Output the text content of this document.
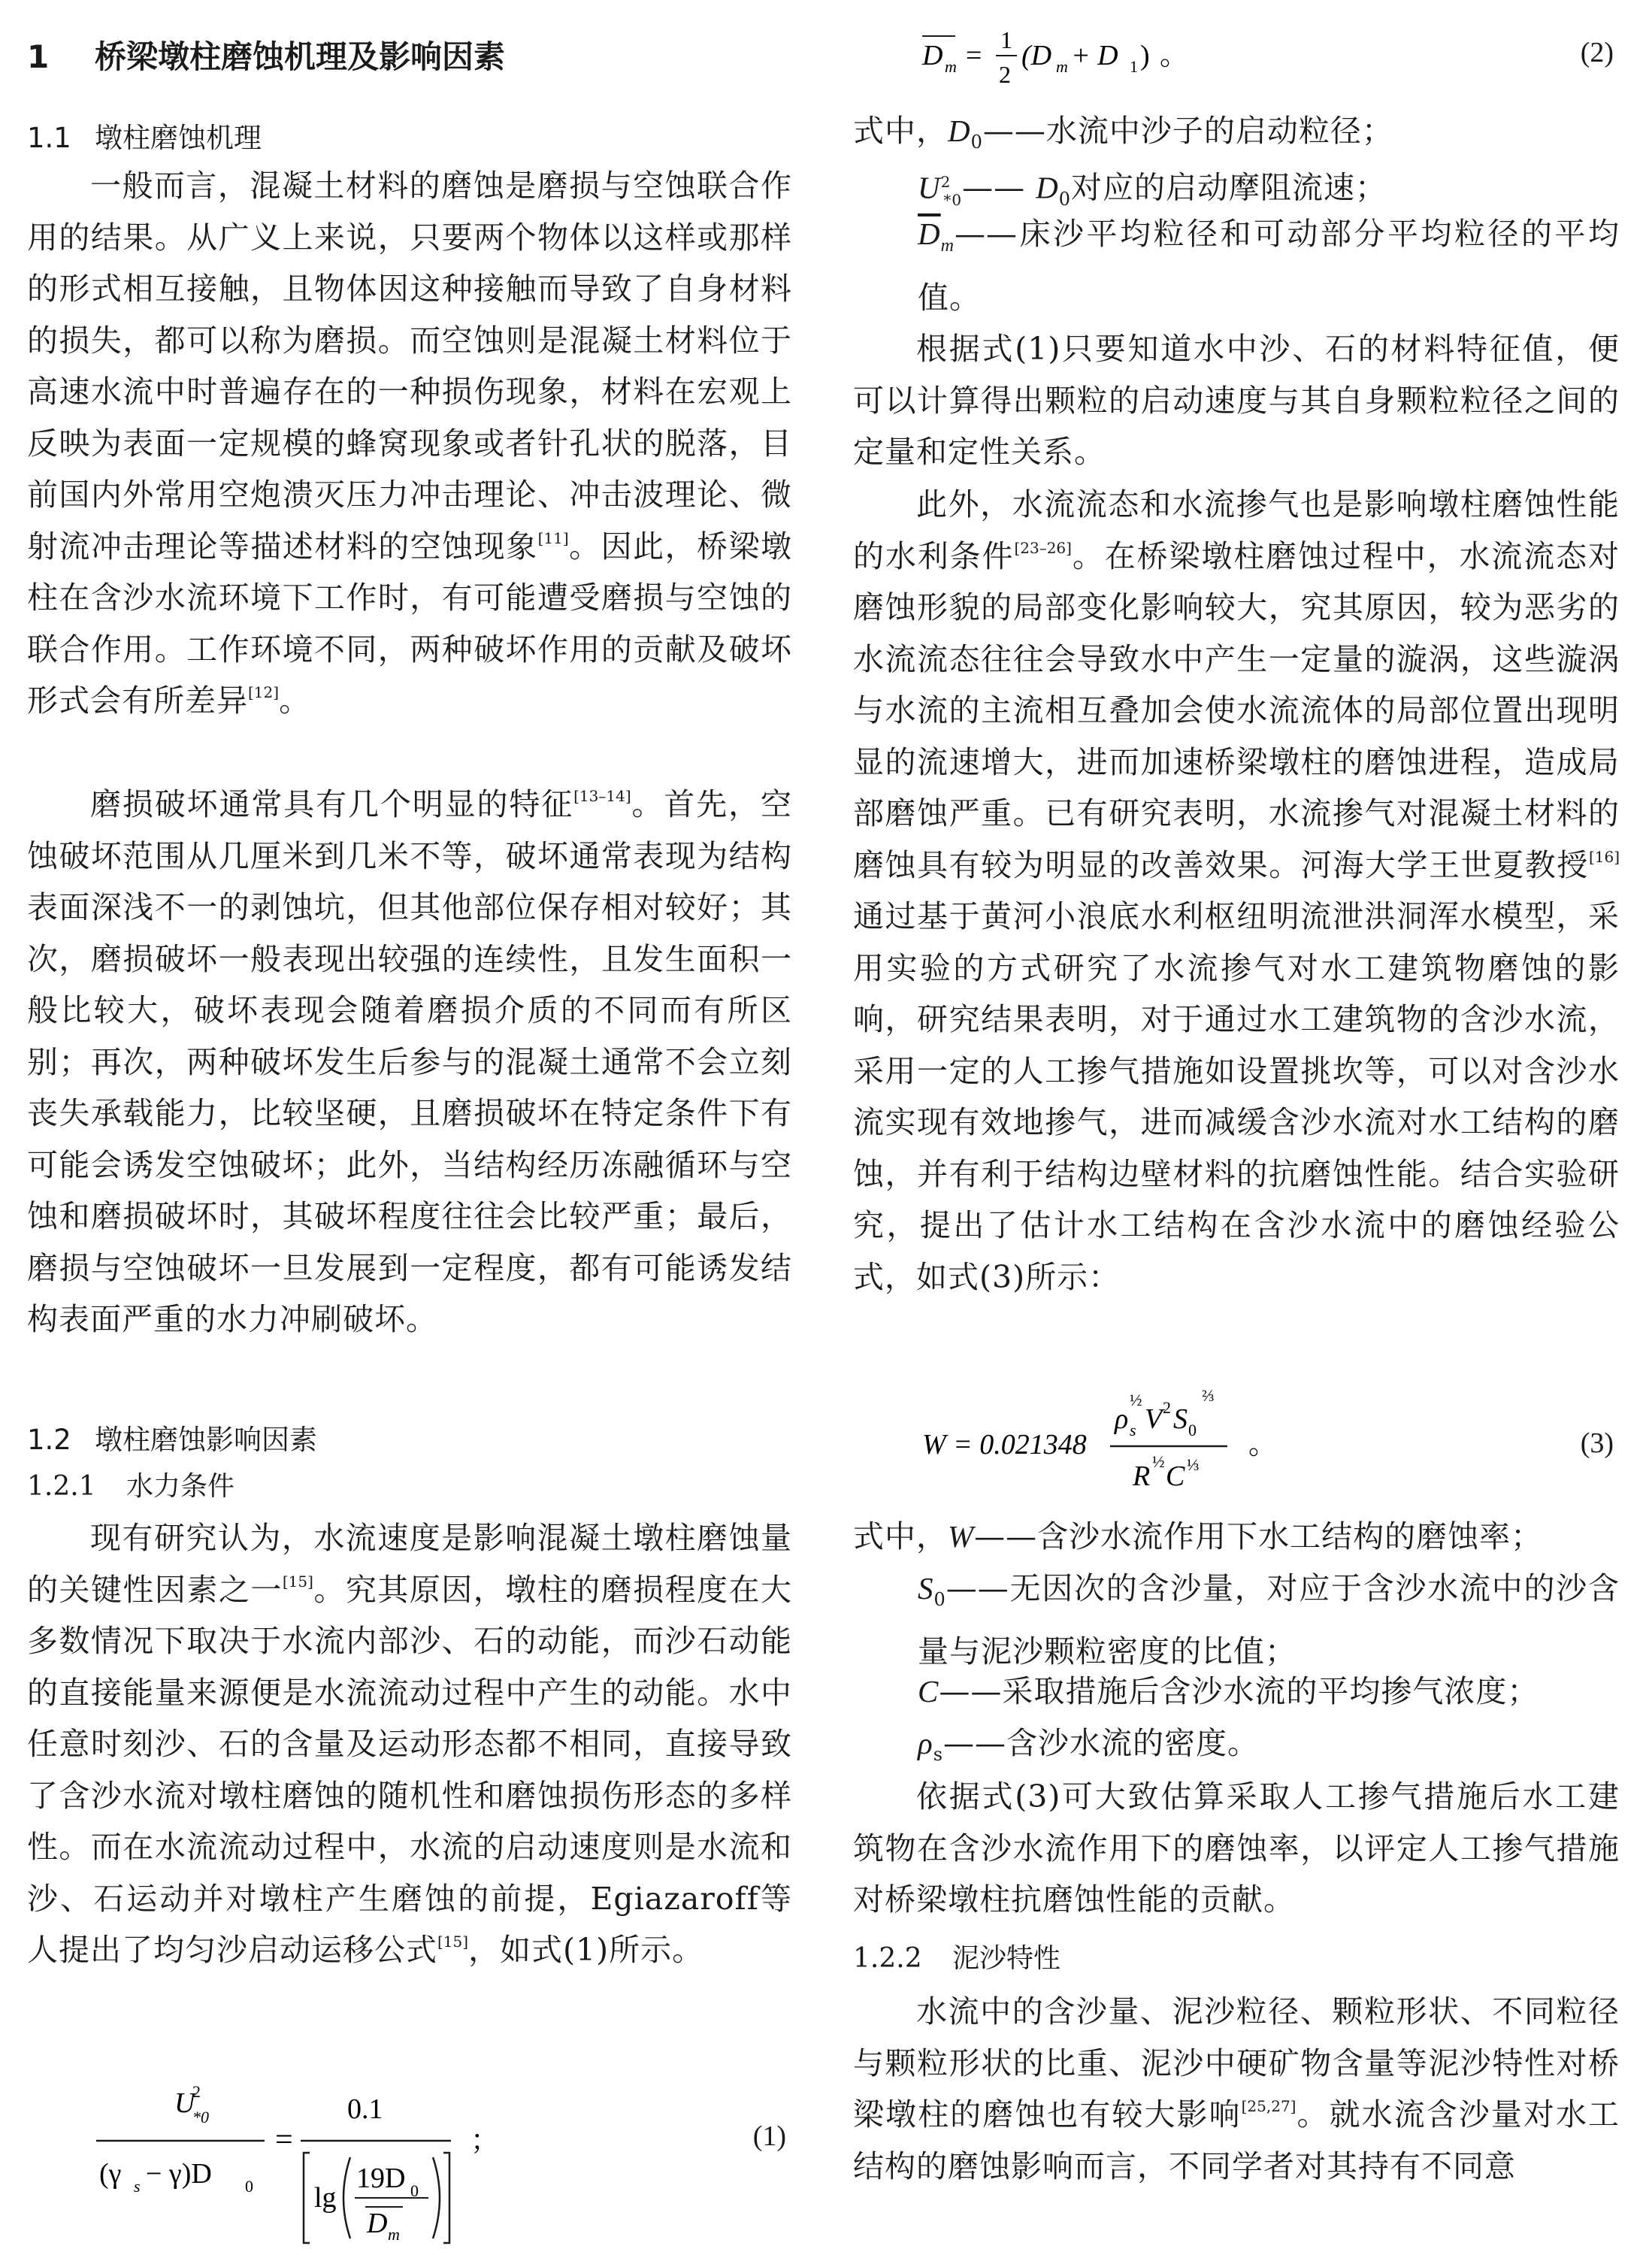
1 桥梁墩柱磨蚀机理及影响因素
1.1 墩柱磨蚀机理

一般而言，混凝土材料的磨蚀是磨损与空蚀联合作用的结果。从广义上来说，只要两个物体以这样或那样的形式相互接触，且物体因这种接触而导致了自身材料的损失，都可以称为磨损。而空蚀则是混凝土材料位于高速水流中时普遍存在的一种损伤现象，材料在宏观上反映为表面一定规模的蜂窝现象或者针孔状的脱落，目前国内外常用空炮溃灭压力冲击理论、冲击波理论、微射流冲击理论等描述材料的空蚀现象[11]。因此，桥梁墩柱在含沙水流环境下工作时，有可能遭受磨损与空蚀的联合作用。工作环境不同，两种破坏作用的贡献及破坏形式会有所差异[12]。

磨损破坏通常具有几个明显的特征[13–14]。首先，空蚀破坏范围从几厘米到几米不等，破坏通常表现为结构表面深浅不一的剥蚀坑，但其他部位保存相对较好；其次，磨损破坏一般表现出较强的连续性，且发生面积一般比较大，破坏表现会随着磨损介质的不同而有所区别；再次，两种破坏发生后参与的混凝土通常不会立刻丧失承载能力，比较坚硬，且磨损破坏在特定条件下有可能会诱发空蚀破坏；此外，当结构经历冻融循环与空蚀和磨损破坏时，其破坏程度往往会比较严重；最后，磨损与空蚀破坏一旦发展到一定程度，都有可能诱发结构表面严重的水力冲刷破坏。

1.2 墩柱磨蚀影响因素
1.2.1 水力条件

现有研究认为，水流速度是影响混凝土墩柱磨蚀量的关键性因素之一[15]。究其原因，墩柱的磨损程度在大多数情况下取决于水流内部沙、石的动能，而沙石动能的直接能量来源便是水流流动过程中产生的动能。水中任意时刻沙、石的含量及运动形态都不相同，直接导致了含沙水流对墩柱磨蚀的随机性和磨蚀损伤形态的多样性。而在水流流动过程中，水流的启动速度则是水流和沙、石运动并对墩柱产生磨蚀的前提，Egiazaroff等人提出了均匀沙启动运移公式[15]，如式(1)所示。

U
2
*0
(γ s − γ)D 0
=
0.1
lg
19D 0
D m
；	(1)
D m = 1
2
(D m + D 1 ) 。	(2)

式中，$D_0——$水流中沙子的启动粒径；

$U^2_{*0}——$ $D_0$对应的启动摩阻流速；

$\overline{D}_m——$床沙平均粒径和可动部分平均粒径的平均值。

根据式(1)只要知道水中沙、石的材料特征值，便可以计算得出颗粒的启动速度与其自身颗粒粒径之间的定量和定性关系。

此外，水流流态和水流掺气也是影响墩柱磨蚀性能的水利条件[23–26]。在桥梁墩柱磨蚀过程中，水流流态对磨蚀形貌的局部变化影响较大，究其原因，较为恶劣的水流流态往往会导致水中产生一定量的漩涡，这些漩涡与水流的主流相互叠加会使水流流体的局部位置出现明显的流速增大，进而加速桥梁墩柱的磨蚀进程，造成局部磨蚀严重。已有研究表明，水流掺气对混凝土材料的磨蚀具有较为明显的改善效果。河海大学王世夏教授[16]通过基于黄河小浪底水利枢纽明流泄洪洞浑水模型，采用实验的方式研究了水流掺气对水工建筑物磨蚀的影响，研究结果表明，对于通过水工建筑物的含沙水流，采用一定的人工掺气措施如设置挑坎等，可以对含沙水流实现有效地掺气，进而减缓含沙水流对水工结构的磨蚀，并有利于结构边壁材料的抗磨蚀性能。结合实验研究，提出了估计水工结构在含沙水流中的磨蚀经验公式，如式(3)所示：

W = 0.021348
ρ s
½
V 2 S 0
⅔
R ½ C ⅓
。	(3)

式中，W——含沙水流作用下水工结构的磨蚀率；

$S_0——$无因次的含沙量，对应于含沙水流中的沙含量与泥沙颗粒密度的比值；

C——采取措施后含沙水流的平均掺气浓度；

$\rho_s——$含沙水流的密度。

依据式(3)可大致估算采取人工掺气措施后水工建筑物在含沙水流作用下的磨蚀率，以评定人工掺气措施对桥梁墩柱抗磨蚀性能的贡献。

1.2.2 泥沙特性

水流中的含沙量、泥沙粒径、颗粒形状、不同粒径与颗粒形状的比重、泥沙中硬矿物含量等泥沙特性对桥梁墩柱的磨蚀也有较大影响[25,27]。就水流含沙量对水工结构的磨蚀影响而言，不同学者对其持有不同意
